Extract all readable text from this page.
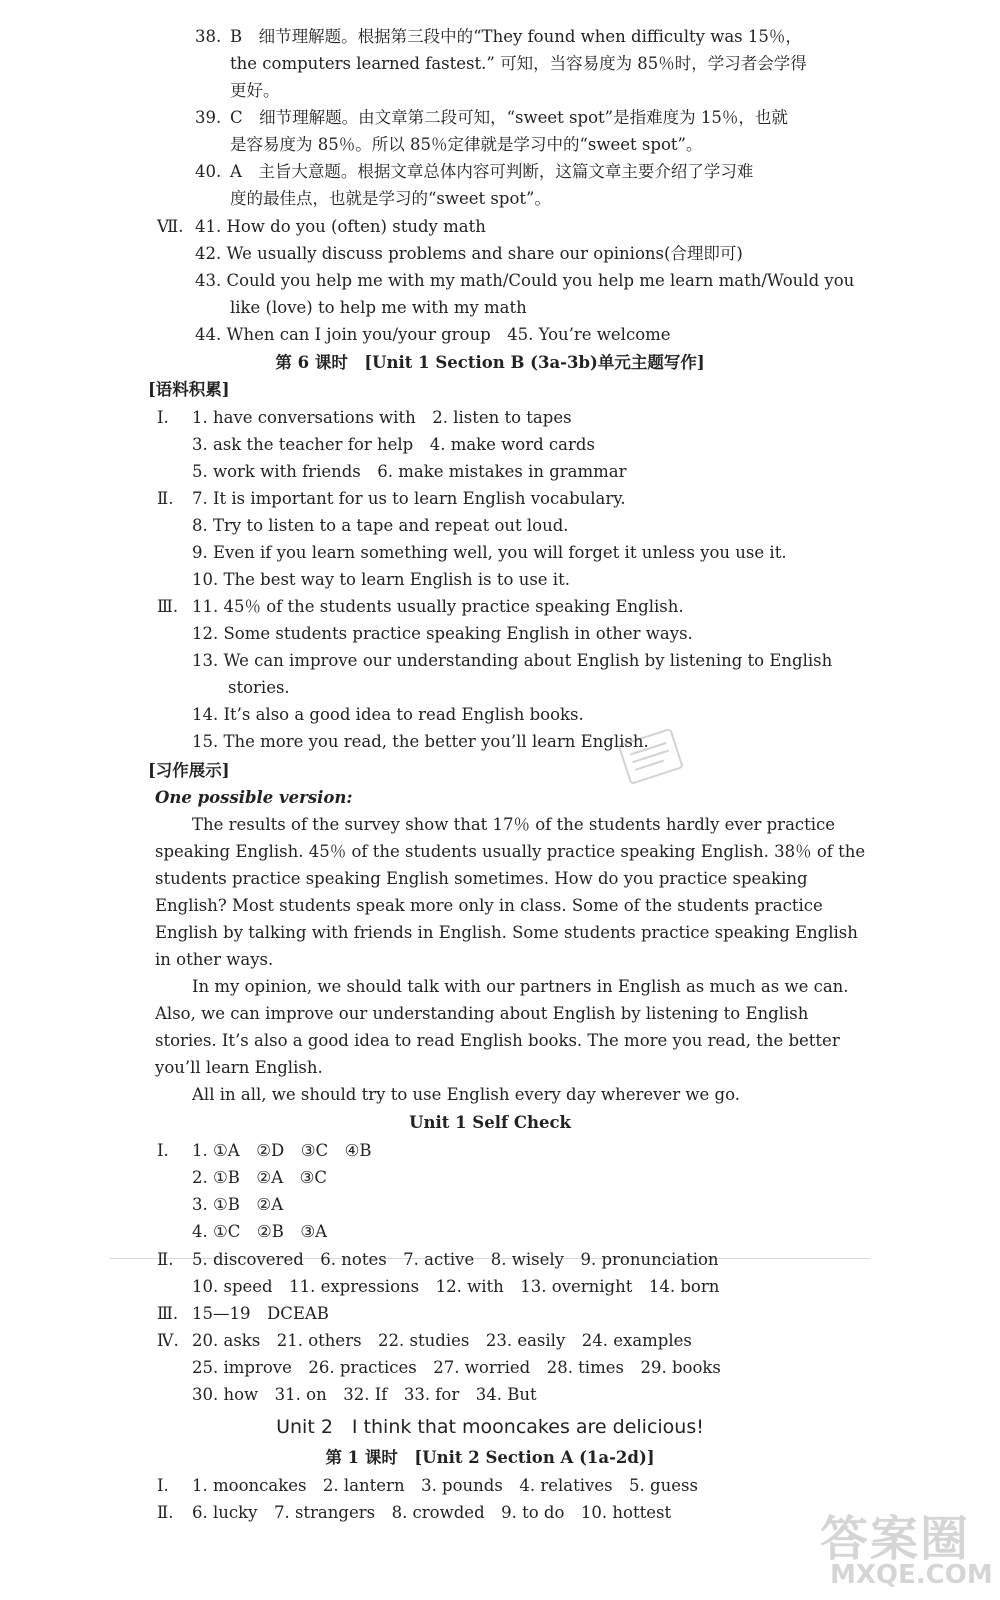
38. B　细节理解题。根据第三段中的“They found when difficulty was 15％，
the computers learned fastest.” 可知，当容易度为 85％时，学习者会学得
更好。
39. C　细节理解题。由文章第二段可知，“sweet spot”是指难度为 15％，也就
是容易度为 85％。所以 85％定律就是学习中的“sweet spot”。
40. A　主旨大意题。根据文章总体内容可判断，这篇文章主要介绍了学习难
度的最佳点，也就是学习的“sweet spot”。
Ⅶ. 41. How do you (often) study math
42. We usually discuss problems and share our opinions(合理即可)
43. Could you help me with my math/Could you help me learn math/Would you
like (love) to help me with my math
44. When can I join you/your group　45. You’re welcome
第 6 课时　[Unit 1 Section B (3a-3b)单元主题写作]
[语料积累]
Ⅰ. 1. have conversations with　2. listen to tapes
3. ask the teacher for help　4. make word cards
5. work with friends　6. make mistakes in grammar
Ⅱ. 7. It is important for us to learn English vocabulary.
8. Try to listen to a tape and repeat out loud.
9. Even if you learn something well, you will forget it unless you use it.
10. The best way to learn English is to use it.
Ⅲ. 11. 45％ of the students usually practice speaking English.
12. Some students practice speaking English in other ways.
13. We can improve our understanding about English by listening to English
stories.
14. It’s also a good idea to read English books.
15. The more you read, the better you’ll learn English.
[习作展示]
One possible version:
The results of the survey show that 17％ of the students hardly ever practice
speaking English. 45％ of the students usually practice speaking English. 38％ of the
students practice speaking English sometimes. How do you practice speaking
English? Most students speak more only in class. Some of the students practice
English by talking with friends in English. Some students practice speaking English
in other ways.
In my opinion, we should talk with our partners in English as much as we can.
Also, we can improve our understanding about English by listening to English
stories. It’s also a good idea to read English books. The more you read, the better
you’ll learn English.
All in all, we should try to use English every day wherever we go.
Unit 1 Self Check
Ⅰ. 1. ①A　②D　③C　④B
2. ①B　②A　③C
3. ①B　②A
4. ①C　②B　③A
Ⅱ. 5. discovered　6. notes　7. active　8. wisely　9. pronunciation
10. speed　11. expressions　12. with　13. overnight　14. born
Ⅲ. 15—19　DCEAB
Ⅳ. 20. asks　21. others　22. studies　23. easily　24. examples
25. improve　26. practices　27. worried　28. times　29. books
30. how　31. on　32. If　33. for　34. But
Unit 2　I think that mooncakes are delicious!
第 1 课时　[Unit 2 Section A (1a-2d)]
Ⅰ. 1. mooncakes　2. lantern　3. pounds　4. relatives　5. guess
Ⅱ. 6. lucky　7. strangers　8. crowded　9. to do　10. hottest	答案圈
MXQE.COM
